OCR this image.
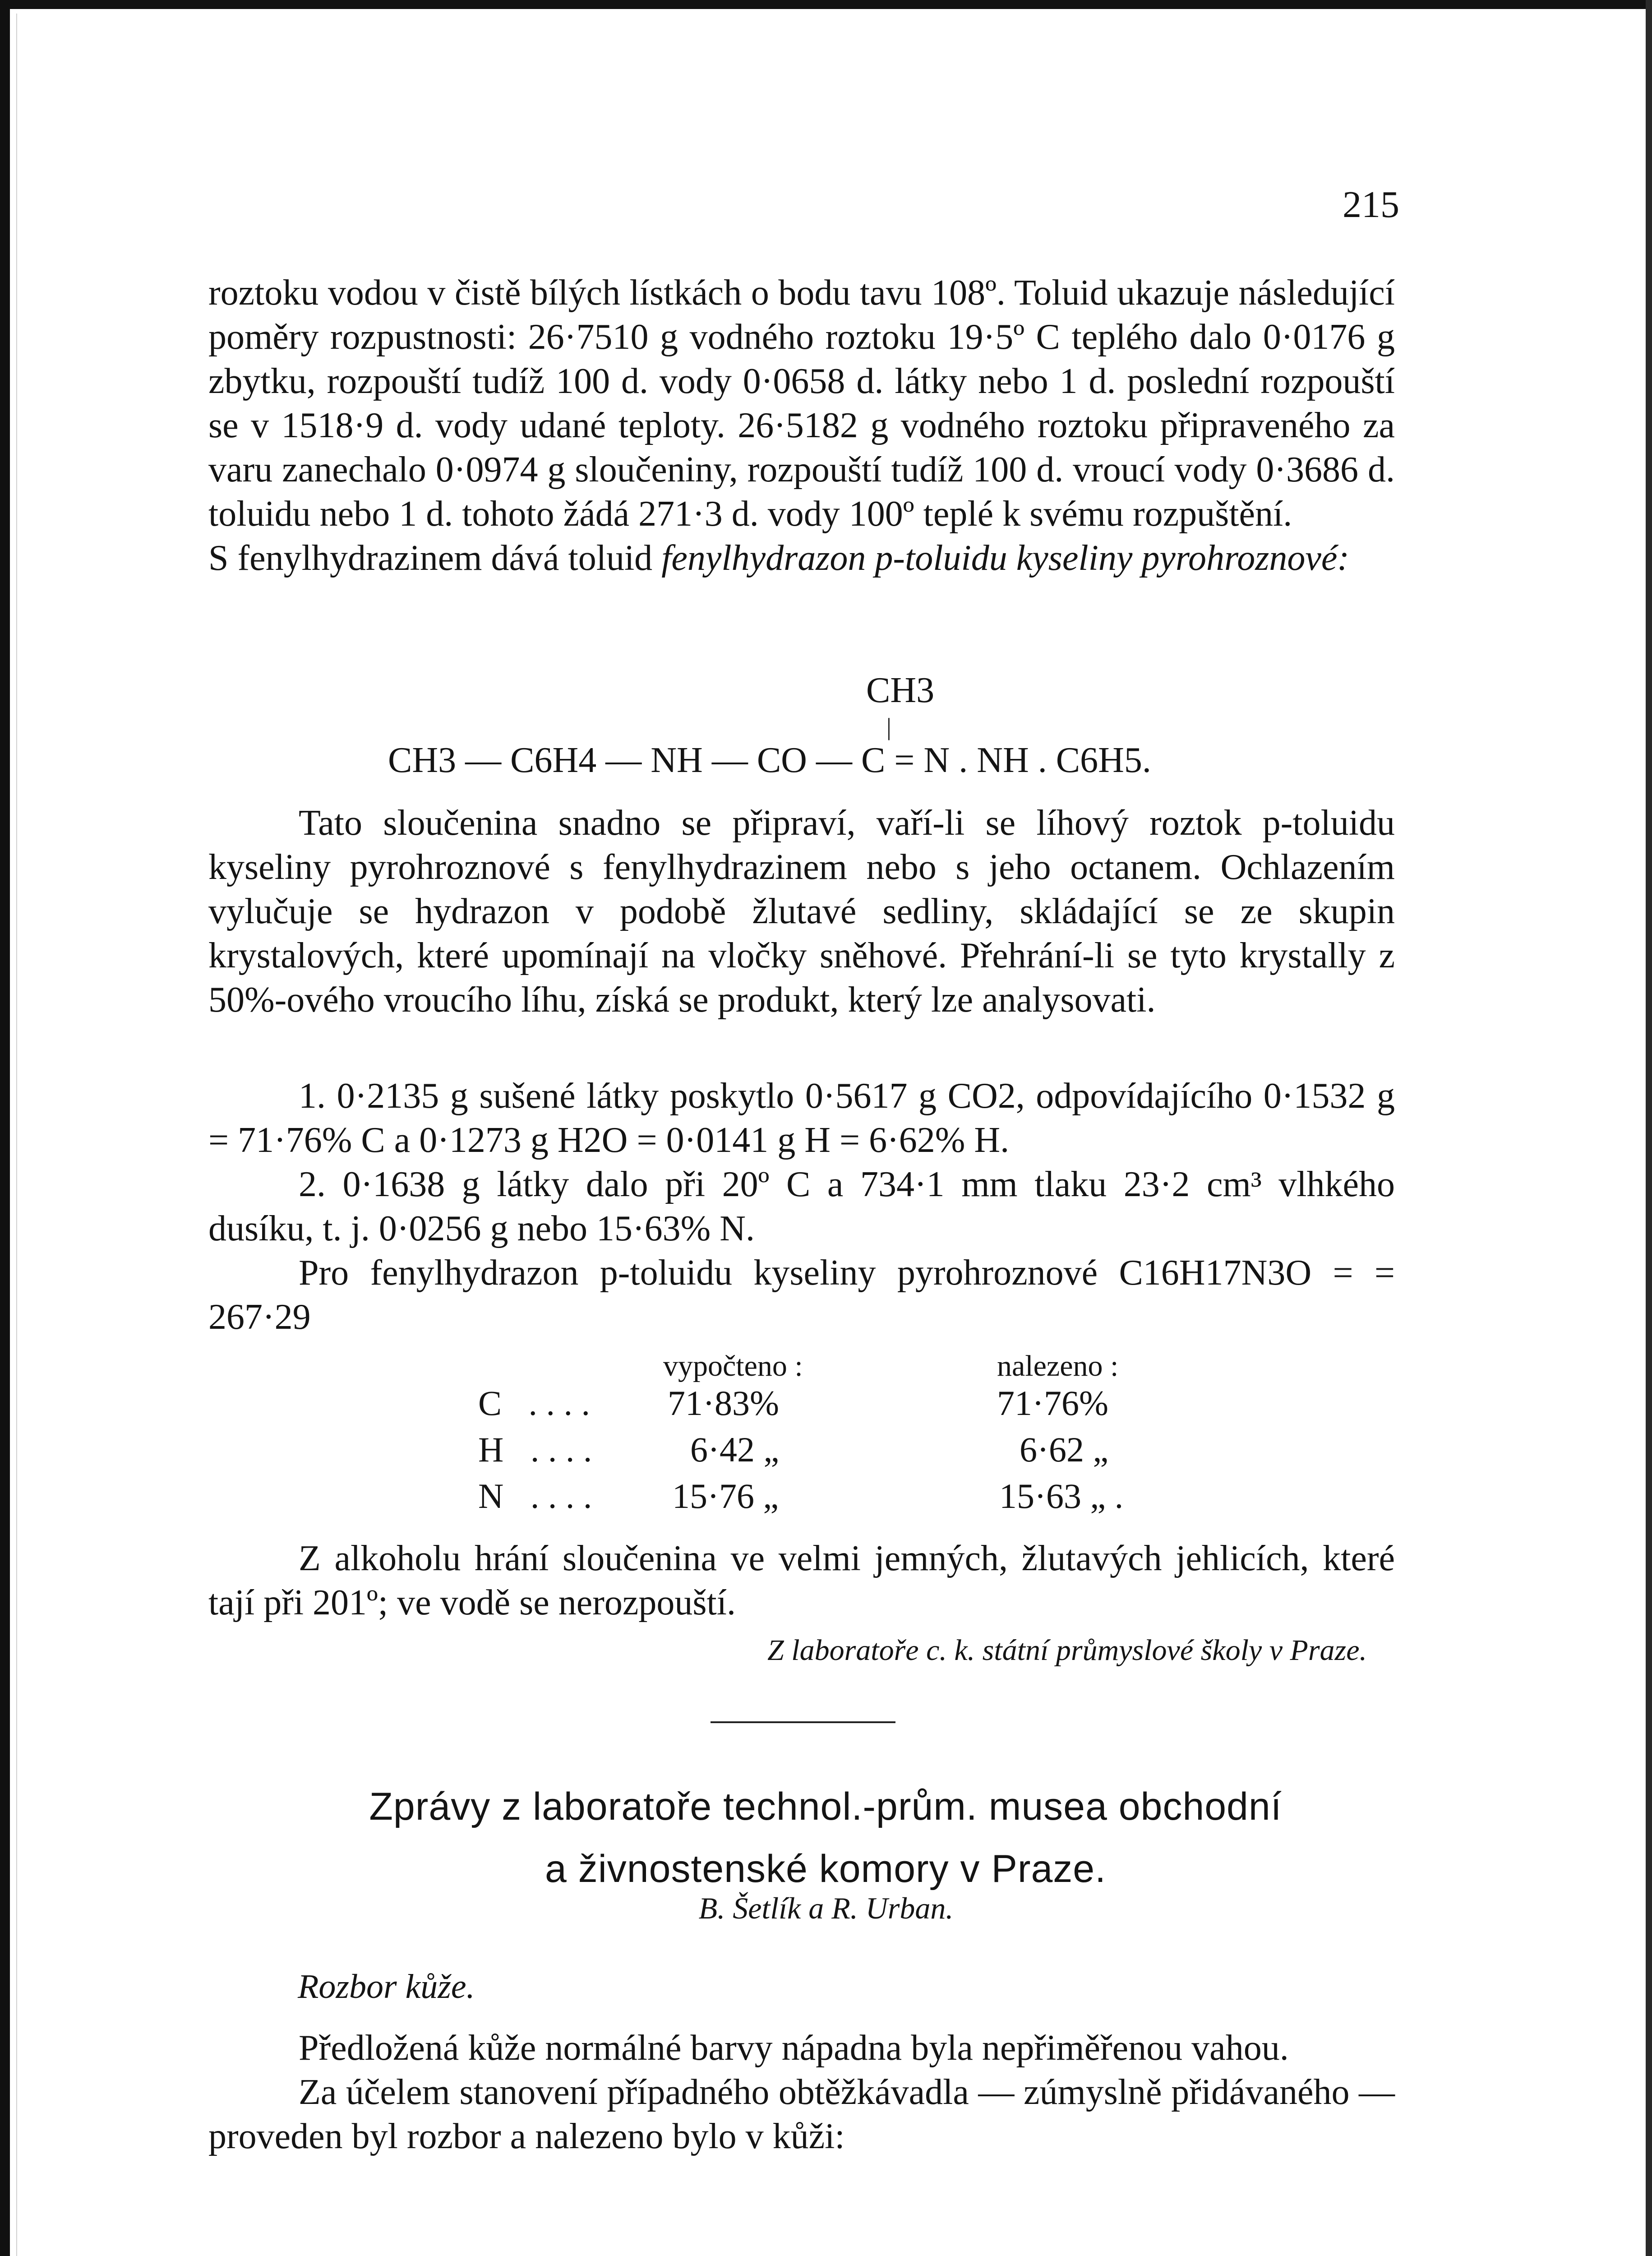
215

roztoku vodou v čistě bílých lístkách o bodu tavu 108º. Toluid ukazuje následující poměry rozpustnosti: 26·7510 g vodného roztoku 19·5º C teplého dalo 0·0176 g zbytku, rozpouští tudíž 100 d. vody 0·0658 d. látky nebo 1 d. poslední rozpouští se v 1518·9 d. vody udané teploty. 26·5182 g vodného roztoku připraveného za varu zanechalo 0·0974 g sloučeniny, rozpouští tudíž 100 d. vroucí vody 0·3686 d. toluidu nebo 1 d. tohoto žádá 271·3 d. vody 100º teplé k svému rozpuštění.

S fenylhydrazinem dává toluid fenylhydrazon p-toluidu kyseliny pyrohroznové:

CH3
|
CH3 — C6H4 — NH — CO — C = N . NH . C6H5.

Tato sloučenina snadno se připraví, vaří-li se líhový roztok p-toluidu kyseliny pyrohroznové s fenylhydrazinem nebo s jeho octanem. Ochlazením vylučuje se hydrazon v podobě žlutavé sedliny, skládající se ze skupin krystalových, které upomínají na vločky sněhové. Přehrání-li se tyto krystally z 50%-ového vroucího líhu, získá se produkt, který lze analysovati.

1. 0·2135 g sušené látky poskytlo 0·5617 g CO2, odpovídajícího 0·1532 g = 71·76% C a 0·1273 g H2O = 0·0141 g H = 6·62% H.

2. 0·1638 g látky dalo při 20º C a 734·1 mm tlaku 23·2 cm³ vlhkého dusíku, t. j. 0·0256 g nebo 15·63% N.

Pro fenylhydrazon p-toluidu kyseliny pyrohroznové C16H17N3O = = 267·29

vypočteno :	nalezeno :
C . . . . 71·83%	71·76%
H . . . .	6·42 „	6·62 „
N . . . . 15·76 „	15·63 „ .

Z alkoholu hrání sloučenina ve velmi jemných, žlutavých jehlicích, které tají při 201º; ve vodě se nerozpouští.

Z laboratoře c. k. státní průmyslové školy v Praze.
Zprávy z laboratoře technol.-prům. musea obchodní
a živnostenské komory v Praze.
B. Šetlík a R. Urban.
Rozbor kůže.

Předložená kůže normálné barvy nápadna byla nepřiměřenou vahou.

Za účelem stanovení případného obtěžkávadla — zúmyslně přidávaného — proveden byl rozbor a nalezeno bylo v kůži:
